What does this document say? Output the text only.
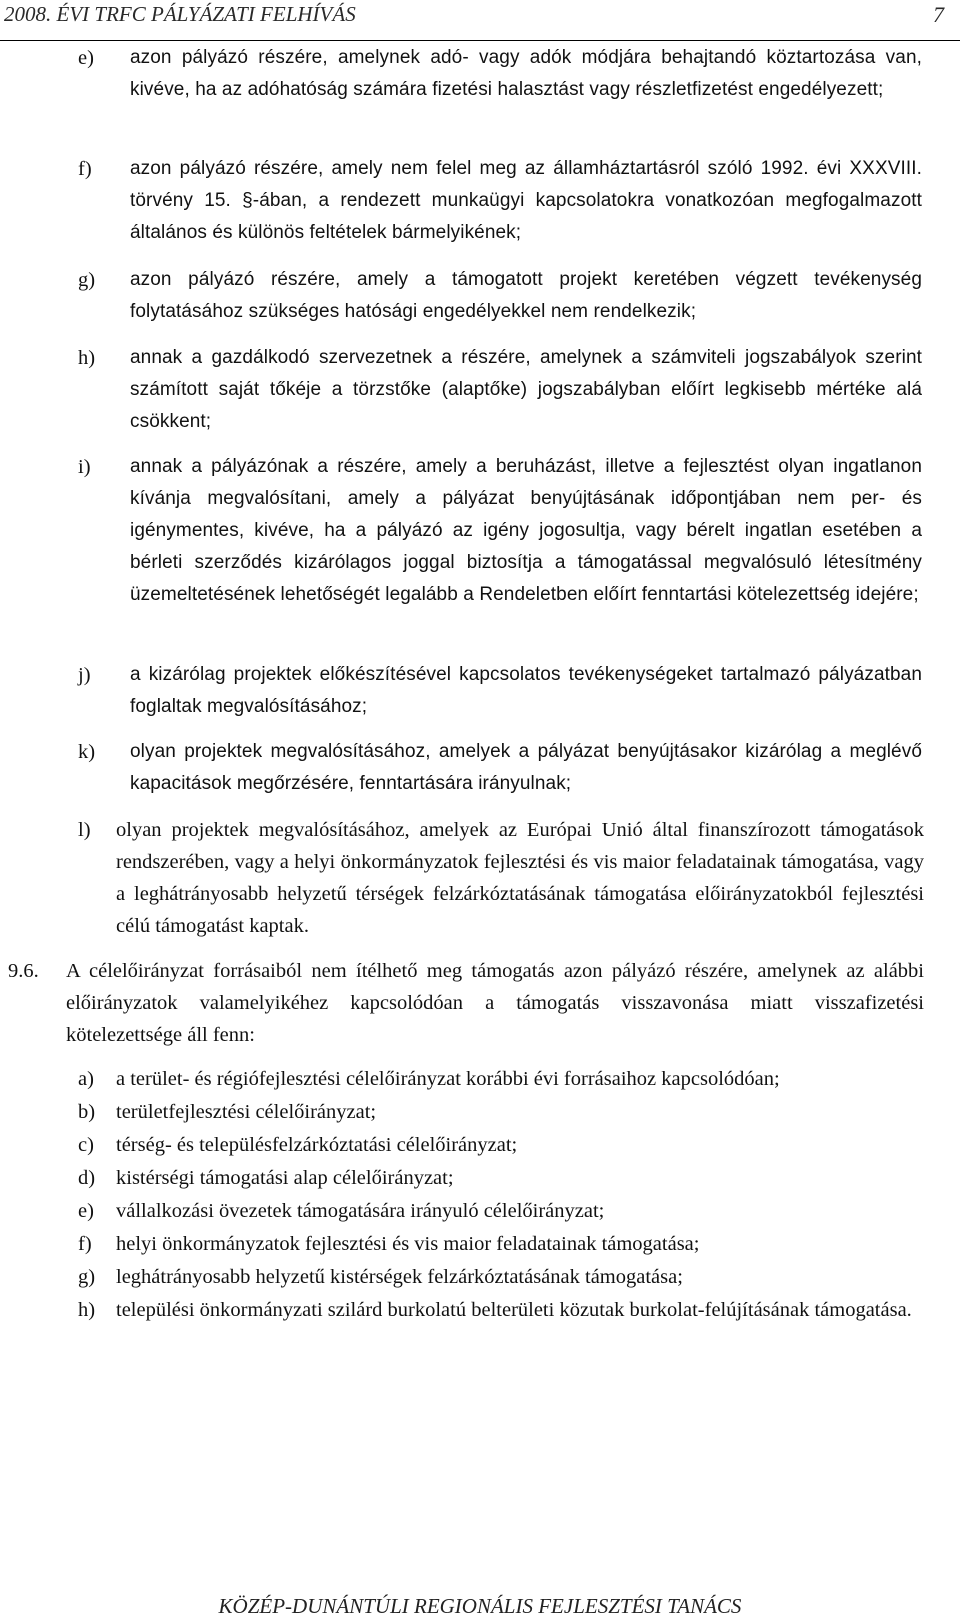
2008. ÉVI TRFC PÁLYÁZATI FELHÍVÁS	7
e) azon pályázó részére, amelynek adó- vagy adók módjára behajtandó köztartozása van, kivéve, ha az adóhatóság számára fizetési halasztást vagy részletfizetést engedélyezett;
f) azon pályázó részére, amely nem felel meg az államháztartásról szóló 1992. évi XXXVIII. törvény 15. §-ában, a rendezett munkaügyi kapcsolatokra vonatkozóan megfogalmazott általános és különös feltételek bármelyikének;
g) azon pályázó részére, amely a támogatott projekt keretében végzett tevékenység folytatásához szükséges hatósági engedélyekkel nem rendelkezik;
h) annak a gazdálkodó szervezetnek a részére, amelynek a számviteli jogszabályok szerint számított saját tőkéje a törzstőke (alaptőke) jogszabályban előírt legkisebb mértéke alá csökkent;
i) annak a pályázónak a részére, amely a beruházást, illetve a fejlesztést olyan ingatlanon kívánja megvalósítani, amely a pályázat benyújtásának időpontjában nem per- és igénymentes, kivéve, ha a pályázó az igény jogosultja, vagy bérelt ingatlan esetében a bérleti szerződés kizárólagos joggal biztosítja a támogatással megvalósuló létesítmény üzemeltetésének lehetőségét legalább a Rendeletben előírt fenntartási kötelezettség idejére;
j) a kizárólag projektek előkészítésével kapcsolatos tevékenységeket tartalmazó pályázatban foglaltak megvalósításához;
k) olyan projektek megvalósításához, amelyek a pályázat benyújtásakor kizárólag a meglévő kapacitások megőrzésére, fenntartására irányulnak;
l) olyan projektek megvalósításához, amelyek az Európai Unió által finanszírozott támogatások rendszerében, vagy a helyi önkormányzatok fejlesztési és vis maior feladatainak támogatása, vagy a leghátrányosabb helyzetű térségek felzárkóztatásának támogatása előirányzatokból fejlesztési célú támogatást kaptak.
9.6. A célelőirányzat forrásaiból nem ítélhető meg támogatás azon pályázó részére, amelynek az alábbi előirányzatok valamelyikéhez kapcsolódóan a támogatás visszavonása miatt visszafizetési kötelezettsége áll fenn:
a) a terület- és régiófejlesztési célelőirányzat korábbi évi forrásaihoz kapcsolódóan;
b) területfejlesztési célelőirányzat;
c) térség- és településfelzárkóztatási célelőirányzat;
d) kistérségi támogatási alap célelőirányzat;
e) vállalkozási övezetek támogatására irányuló célelőirányzat;
f) helyi önkormányzatok fejlesztési és vis maior feladatainak támogatása;
g) leghátrányosabb helyzetű kistérségek felzárkóztatásának támogatása;
h) települési önkormányzati szilárd burkolatú belterületi közutak burkolat-felújításának támogatása.
KÖZÉP-DUNÁNTÚLI REGIONÁLIS FEJLESZTÉSI TANÁCS
